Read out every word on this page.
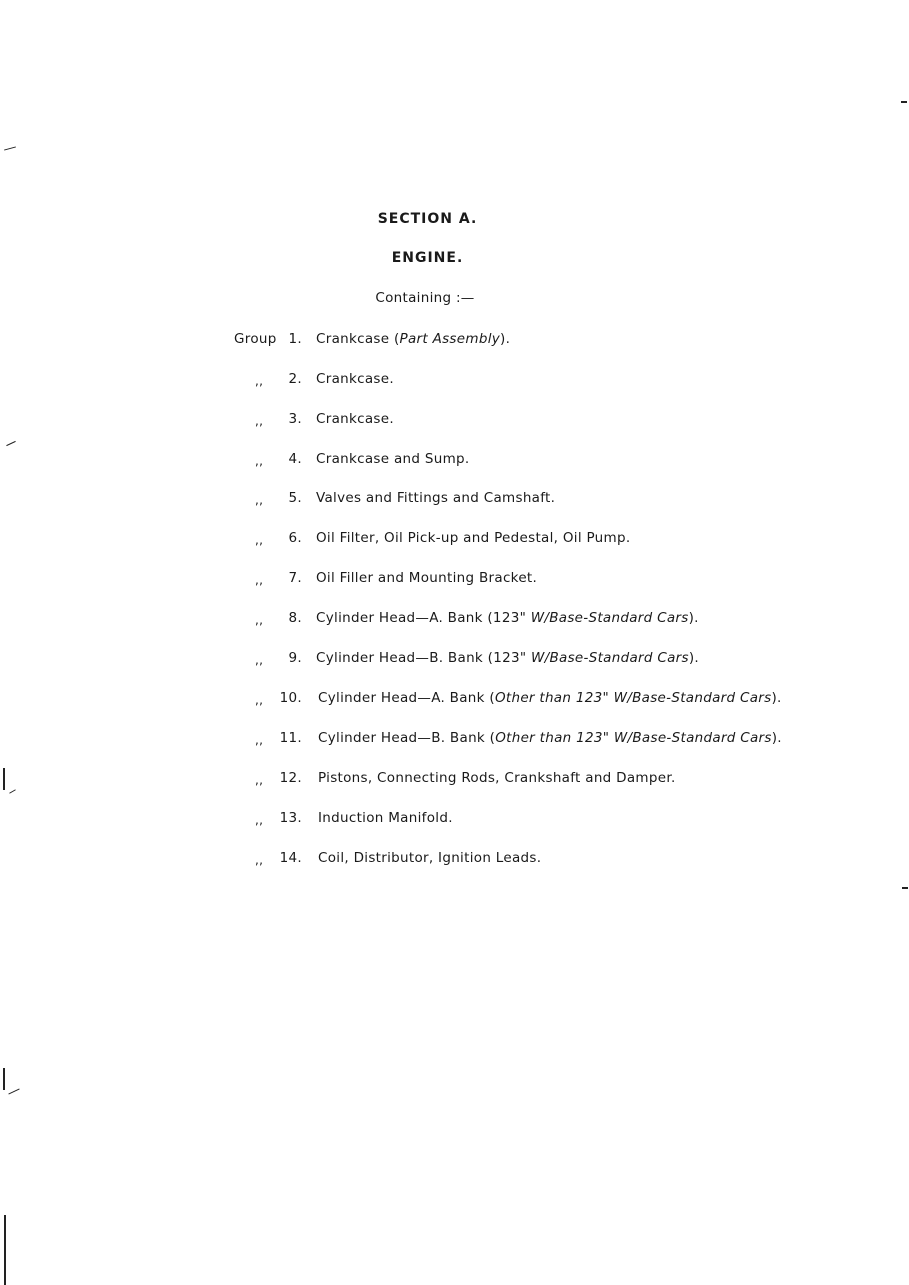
SECTION A.
ENGINE.
Containing :—
Group 1. Crankcase (Part Assembly).
,,	2. Crankcase.
,,	3. Crankcase.
,,	4. Crankcase and Sump.
,,	5. Valves and Fittings and Camshaft.
,,	6. Oil Filter, Oil Pick-up and Pedestal, Oil Pump.
,,	7. Oil Filler and Mounting Bracket.
,,	8. Cylinder Head—A. Bank (123" W/Base-Standard Cars).
,,	9. Cylinder Head—B. Bank (123" W/Base-Standard Cars).
,,	10. Cylinder Head—A. Bank (Other than 123" W/Base-Standard Cars).
,,	11. Cylinder Head—B. Bank (Other than 123" W/Base-Standard Cars).
,,	12. Pistons, Connecting Rods, Crankshaft and Damper.
,,	13. Induction Manifold.
,,	14. Coil, Distributor, Ignition Leads.
